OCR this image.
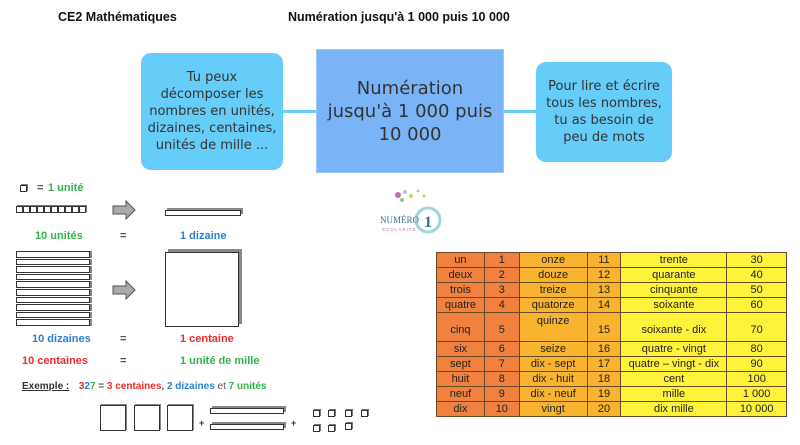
CE2 Mathématiques	Numération jusqu'à 1 000 puis 10 000
Tu peux décomposer les nombres en unités, dizaines, centaines, unités de mille ...
Numération jusqu'à 1 000 puis 10 000
Pour lire et écrire tous les nombres, tu as besoin de peu de mots
NUMÉRO 1
SCOLARITÉ
= 1 unité
10 unités	=	1 dizaine
10 dizaines	=	1 centaine
10 centaines	=	1 unité de mille
Exemple : 327 = 3 centaines, 2 dizaines et 7 unités
+	+
un	1	onze	11	trente	30
deux	2	douze	12	quarante	40
trois	3	treize	13	cinquante	50
quatre	4	quatorze	14	soixante	60
cinq	5	quinze	15	soixante - dix	70
six	6	seize	16	quatre - vingt	80
sept	7	dix - sept	17	quatre – vingt - dix	90
huit	8	dix - huit	18	cent	100
neuf	9	dix - neuf	19	mille	1 000
dix	10	vingt	20	dix mille	10 000
